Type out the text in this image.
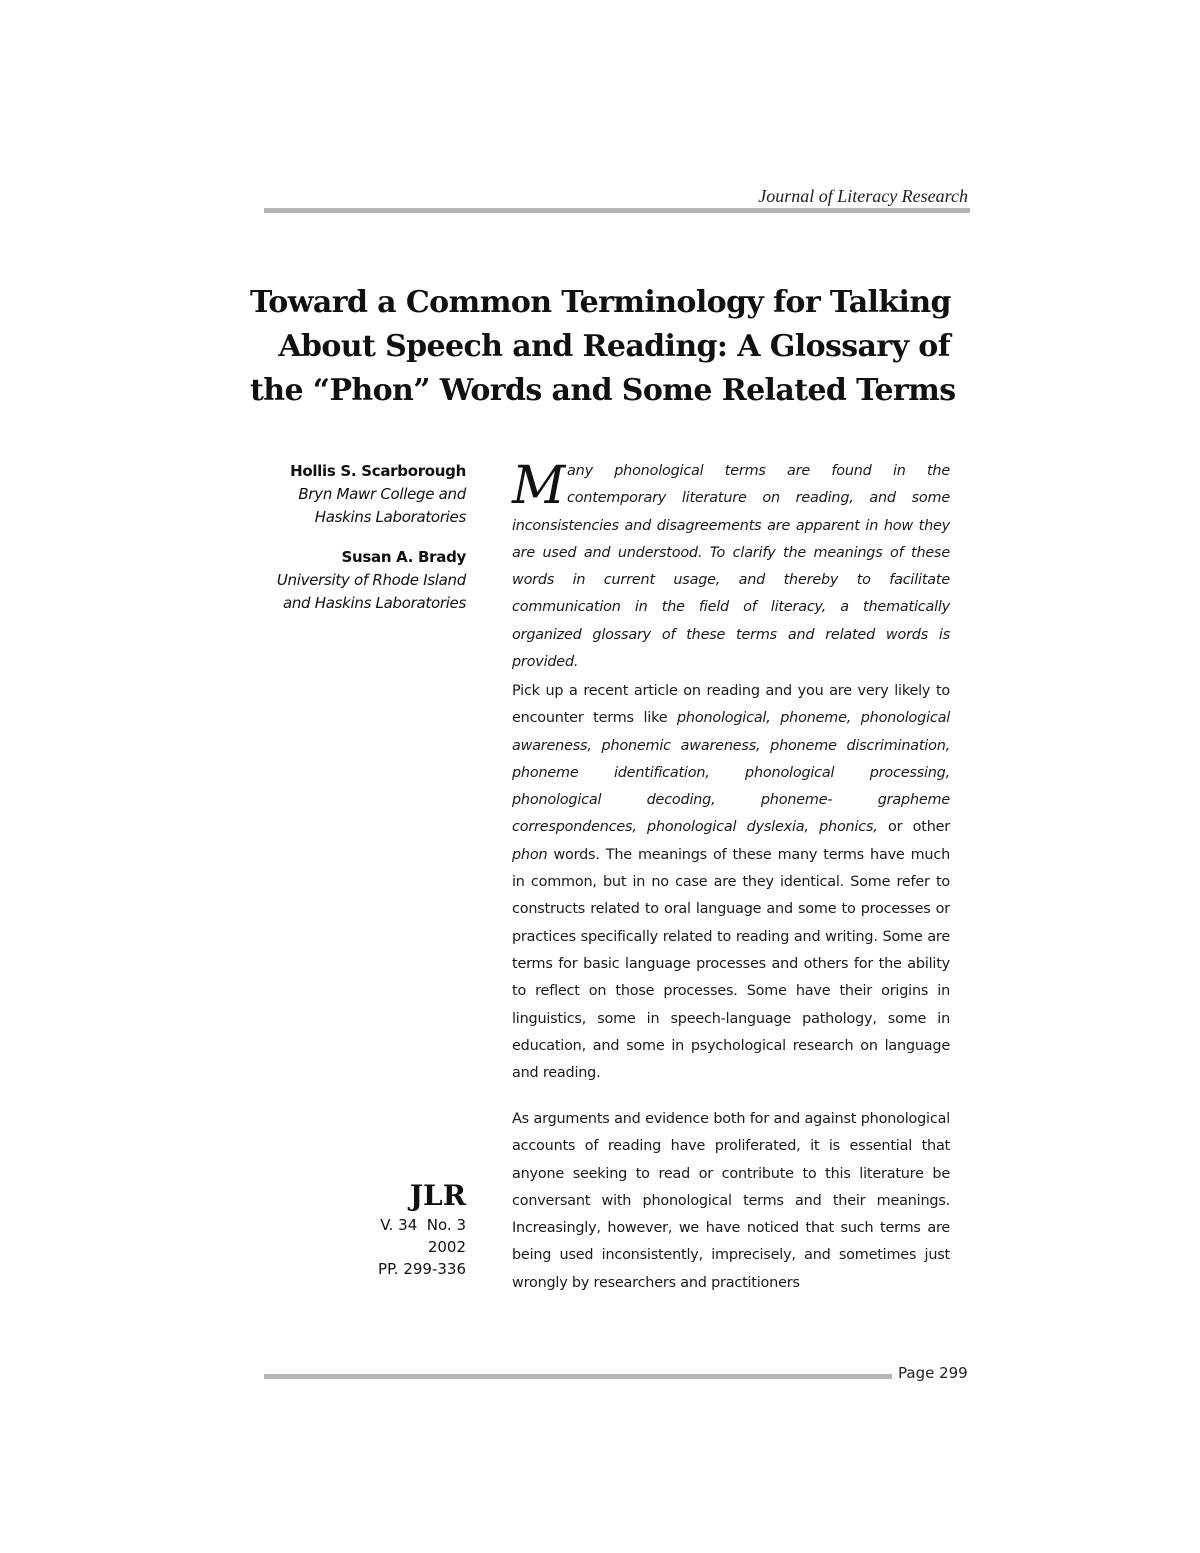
Journal of Literacy Research
Toward a Common Terminology for Talking
About Speech and Reading: A Glossary of
the “Phon” Words and Some Related Terms
Hollis S. Scarborough
Bryn Mawr College and
Haskins Laboratories
Susan A. Brady
University of Rhode Island
and Haskins Laboratories
JLR
V. 34  No. 3
2002
PP. 299-336

Many phonological terms are found in the contemporary literature on reading, and some inconsistencies and disagreements are apparent in how they are used and understood. To clarify the meanings of these words in current usage, and thereby to facilitate communication in the field of literacy, a thematically organized glossary of these terms and related words is provided.

Pick up a recent article on reading and you are very likely to encounter terms like phonological, phoneme, phonological awareness, phonemic awareness, phoneme discrimination, phoneme identification, phonological processing, phonological decoding, phoneme- grapheme correspondences, phonological dyslexia, phonics, or other phon words. The meanings of these many terms have much in common, but in no case are they identical. Some refer to constructs related to oral language and some to processes or practices specifically related to reading and writing. Some are terms for basic language processes and others for the ability to reflect on those processes. Some have their origins in linguistics, some in speech-language pathology, some in education, and some in psychological research on language and reading.

As arguments and evidence both for and against phonological accounts of reading have proliferated, it is essential that anyone seeking to read or contribute to this literature be conversant with phonological terms and their meanings. Increasingly, however, we have noticed that such terms are being used inconsistently, imprecisely, and sometimes just wrongly by researchers and practitioners

Page 299
